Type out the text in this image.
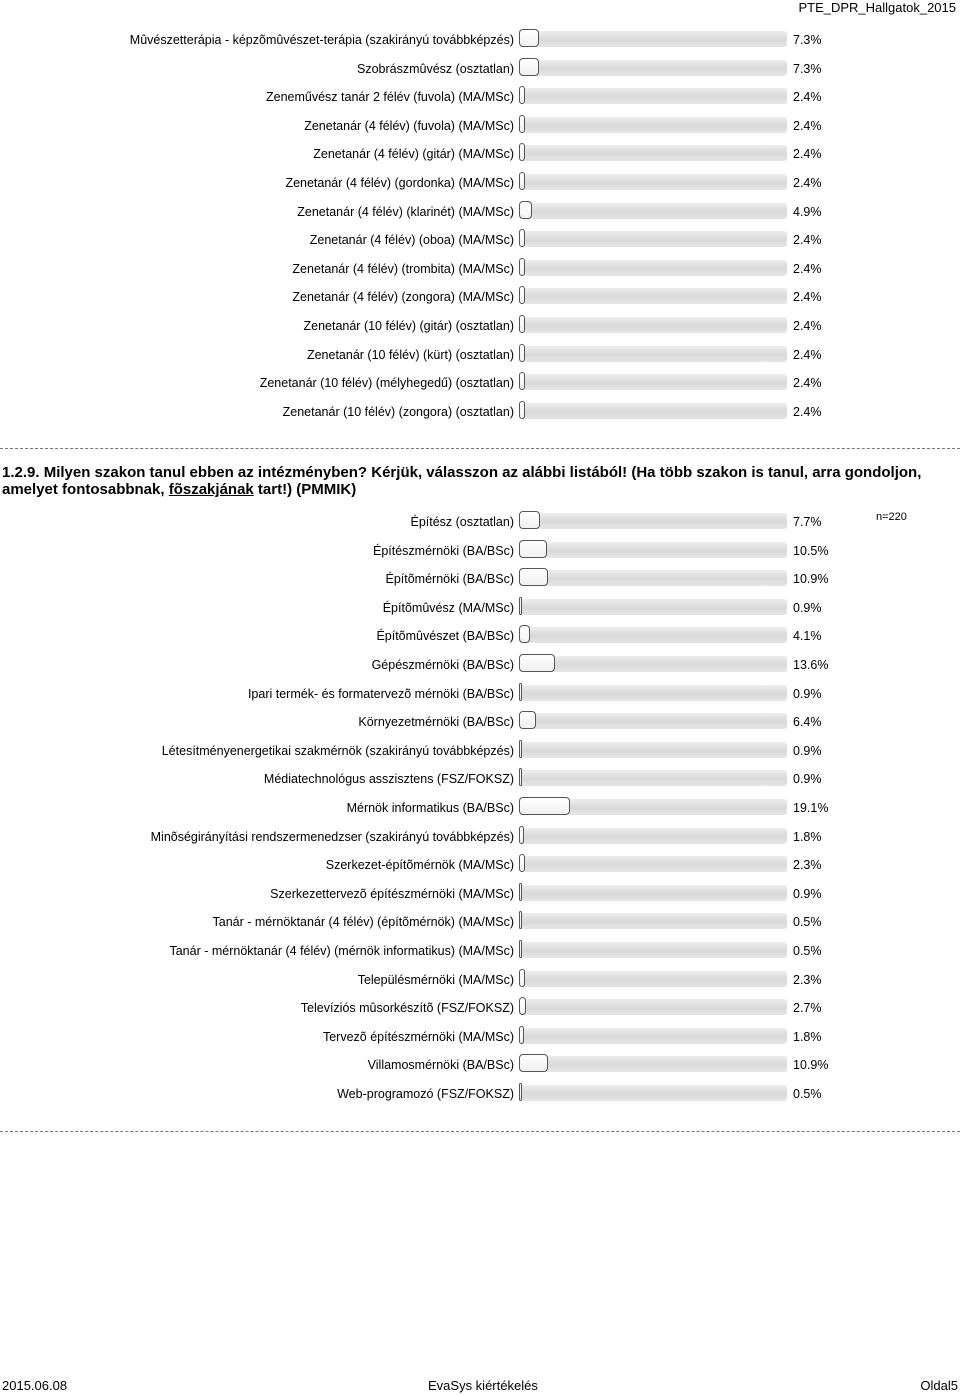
PTE_DPR_Hallgatok_2015
Mûvészetterápia - képzõmûvészet-terápia (szakirányú továbbképzés)	7.3%
Szobrászmûvész (osztatlan)	7.3%
Zeneművész tanár 2 félév (fuvola) (MA/MSc)	2.4%
Zenetanár (4 félév) (fuvola) (MA/MSc)	2.4%
Zenetanár (4 félév) (gitár) (MA/MSc)	2.4%
Zenetanár (4 félév) (gordonka) (MA/MSc)	2.4%
Zenetanár (4 félév) (klarinét) (MA/MSc)	4.9%
Zenetanár (4 félév) (oboa) (MA/MSc)	2.4%
Zenetanár (4 félév) (trombita) (MA/MSc)	2.4%
Zenetanár (4 félév) (zongora) (MA/MSc)	2.4%
Zenetanár (10 félév) (gitár) (osztatlan)	2.4%
Zenetanár (10 félév) (kürt) (osztatlan)	2.4%
Zenetanár (10 félév) (mélyhegedű) (osztatlan)	2.4%
Zenetanár (10 félév) (zongora) (osztatlan)	2.4%
1.2.9. Milyen szakon tanul ebben az intézményben? Kérjük, válasszon az alábbi listából! (Ha több szakon is tanul, arra gondoljon, amelyet fontosabbnak, fõszakjának tart!) (PMMIK)
n=220
Építész (osztatlan)	7.7%
Építészmérnöki (BA/BSc)	10.5%
Építõmérnöki (BA/BSc)	10.9%
Építõmûvész (MA/MSc)	0.9%
Építõmûvészet (BA/BSc)	4.1%
Gépészmérnöki (BA/BSc)	13.6%
Ipari termék- és formatervezõ mérnöki (BA/BSc)	0.9%
Környezetmérnöki (BA/BSc)	6.4%
Létesítményenergetikai szakmérnök (szakirányú továbbképzés)	0.9%
Médiatechnológus asszisztens (FSZ/FOKSZ)	0.9%
Mérnök informatikus (BA/BSc)	19.1%
Minõségirányítási rendszermenedzser (szakirányú továbbképzés)	1.8%
Szerkezet-építõmérnök (MA/MSc)	2.3%
Szerkezettervezõ építészmérnöki (MA/MSc)	0.9%
Tanár - mérnöktanár (4 félév) (építõmérnök) (MA/MSc)	0.5%
Tanár - mérnöktanár (4 félév) (mérnök informatikus) (MA/MSc)	0.5%
Településmérnöki (MA/MSc)	2.3%
Televíziós mûsorkészítõ (FSZ/FOKSZ)	2.7%
Tervezõ építészmérnöki (MA/MSc)	1.8%
Villamosmérnöki (BA/BSc)	10.9%
Web-programozó (FSZ/FOKSZ)	0.5%
2015.06.08	EvaSys kiértékelés	Oldal5
